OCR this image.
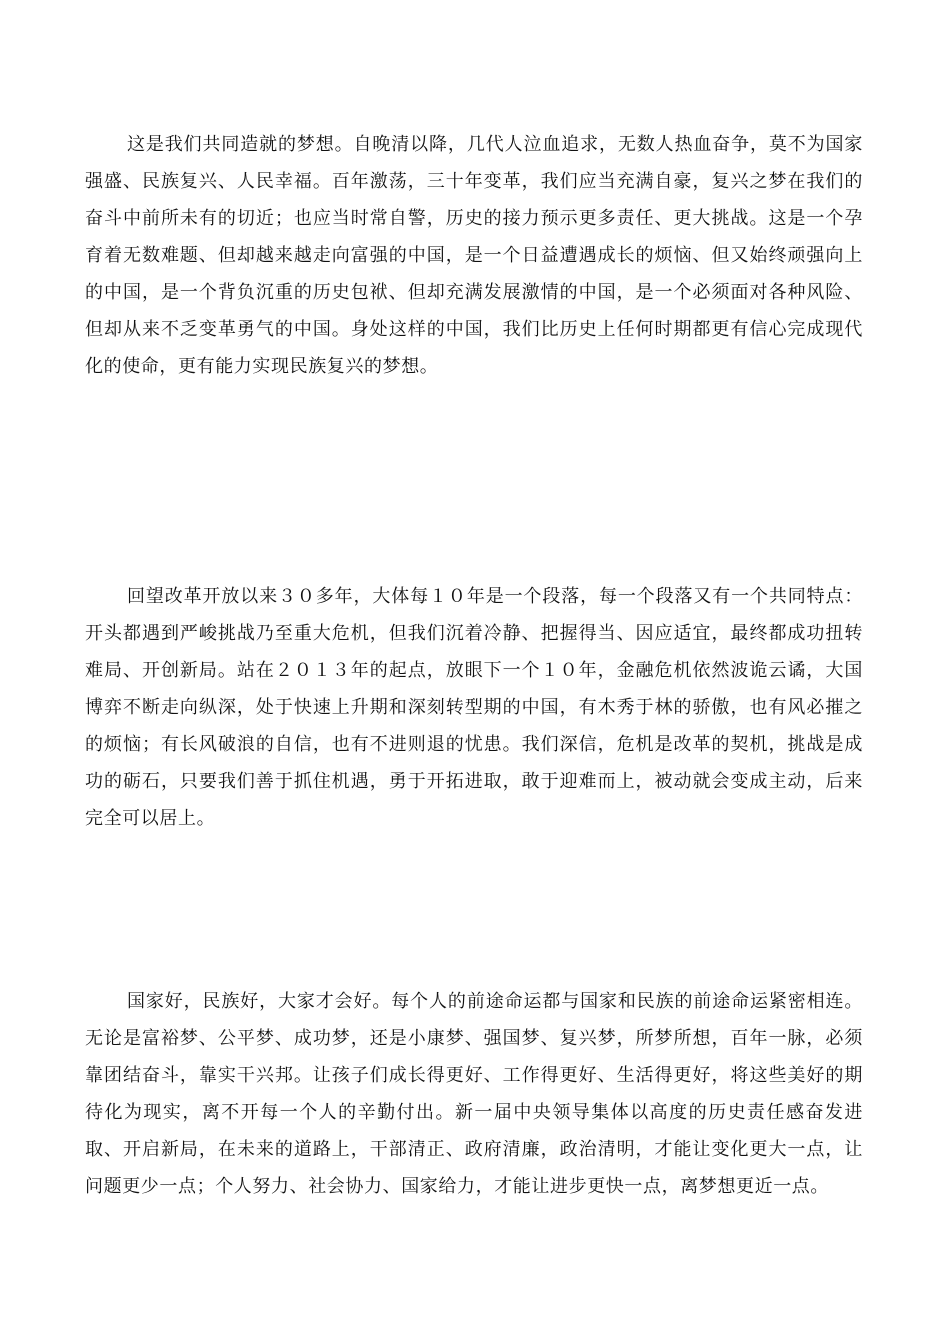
这是我们共同造就的梦想。自晚清以降，几代人泣血追求，无数人热血奋争，莫不为国家强盛、民族复兴、人民幸福。百年激荡，三十年变革，我们应当充满自豪，复兴之梦在我们的奋斗中前所未有的切近；也应当时常自警，历史的接力预示更多责任、更大挑战。这是一个孕育着无数难题、但却越来越走向富强的中国，是一个日益遭遇成长的烦恼、但又始终顽强向上的中国，是一个背负沉重的历史包袱、但却充满发展激情的中国，是一个必须面对各种风险、但却从来不乏变革勇气的中国。身处这样的中国，我们比历史上任何时期都更有信心完成现代化的使命，更有能力实现民族复兴的梦想。

回望改革开放以来３０多年，大体每１０年是一个段落，每一个段落又有一个共同特点：开头都遇到严峻挑战乃至重大危机，但我们沉着冷静、把握得当、因应适宜，最终都成功扭转难局、开创新局。站在２０１３年的起点，放眼下一个１０年，金融危机依然波诡云谲，大国博弈不断走向纵深，处于快速上升期和深刻转型期的中国，有木秀于林的骄傲，也有风必摧之的烦恼；有长风破浪的自信，也有不进则退的忧患。我们深信，危机是改革的契机，挑战是成功的砺石，只要我们善于抓住机遇，勇于开拓进取，敢于迎难而上，被动就会变成主动，后来完全可以居上。

国家好，民族好，大家才会好。每个人的前途命运都与国家和民族的前途命运紧密相连。无论是富裕梦、公平梦、成功梦，还是小康梦、强国梦、复兴梦，所梦所想，百年一脉，必须靠团结奋斗，靠实干兴邦。让孩子们成长得更好、工作得更好、生活得更好，将这些美好的期待化为现实，离不开每一个人的辛勤付出。新一届中央领导集体以高度的历史责任感奋发进取、开启新局，在未来的道路上，干部清正、政府清廉，政治清明，才能让变化更大一点，让问题更少一点；个人努力、社会协力、国家给力，才能让进步更快一点，离梦想更近一点。
